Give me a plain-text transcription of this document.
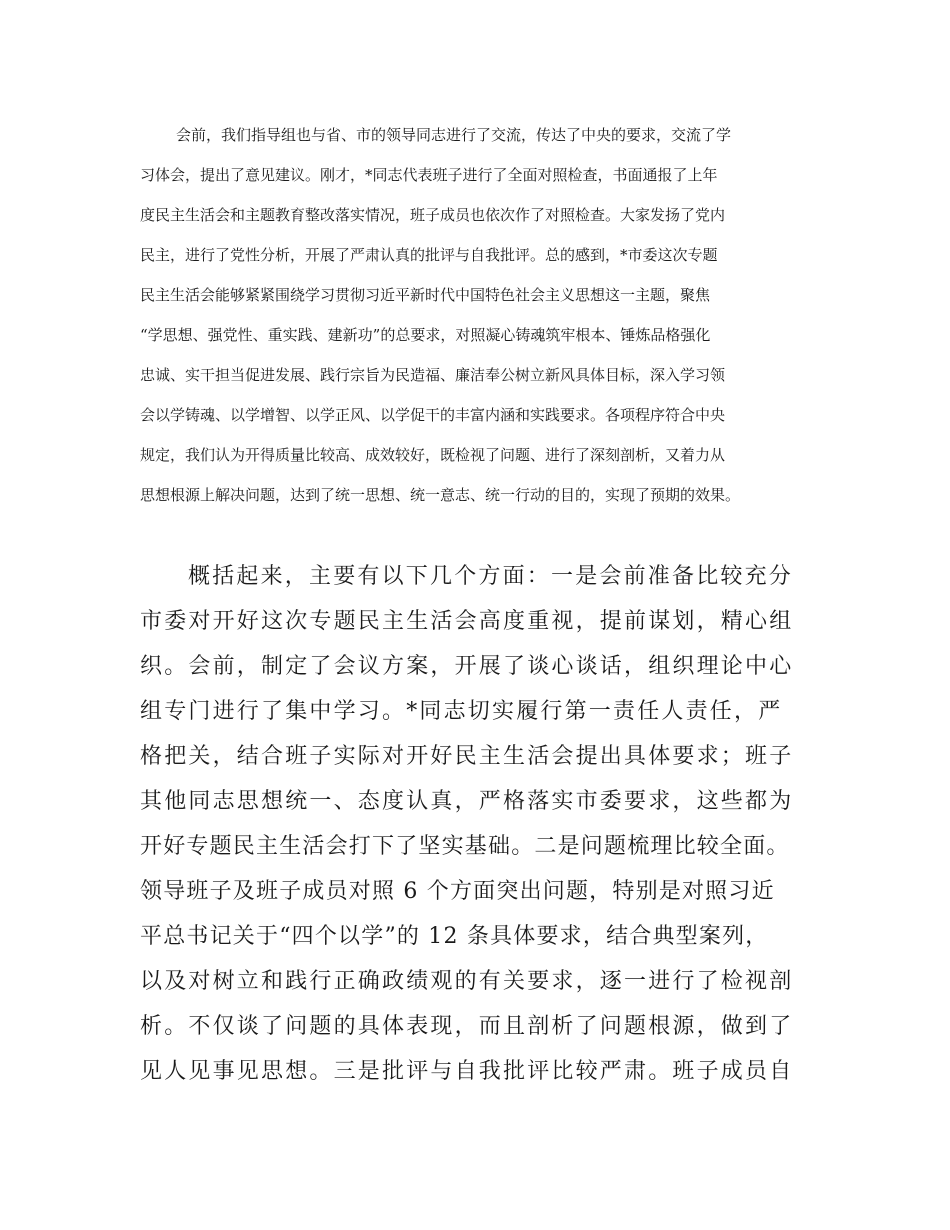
会前，我们指导组也与省、市的领导同志进行了交流，传达了中央的要求，交流了学
习体会，提出了意见建议。刚才，*同志代表班子进行了全面对照检查，书面通报了上年
度民主生活会和主题教育整改落实情况，班子成员也依次作了对照检查。大家发扬了党内
民主，进行了党性分析，开展了严肃认真的批评与自我批评。总的感到，*市委这次专题
民主生活会能够紧紧围绕学习贯彻习近平新时代中国特色社会主义思想这一主题，聚焦
“学思想、强党性、重实践、建新功”的总要求，对照凝心铸魂筑牢根本、锤炼品格强化
忠诚、实干担当促进发展、践行宗旨为民造福、廉洁奉公树立新风具体目标，深入学习领
会以学铸魂、以学增智、以学正风、以学促干的丰富内涵和实践要求。各项程序符合中央
规定，我们认为开得质量比较高、成效较好，既检视了问题、进行了深刻剖析，又着力从
思想根源上解决问题，达到了统一思想、统一意志、统一行动的目的，实现了预期的效果。
概括起来，主要有以下几个方面：一是会前准备比较充分
市委对开好这次专题民主生活会高度重视，提前谋划，精心组
织。会前，制定了会议方案，开展了谈心谈话，组织理论中心
组专门进行了集中学习。*同志切实履行第一责任人责任，严
格把关，结合班子实际对开好民主生活会提出具体要求；班子
其他同志思想统一、态度认真，严格落实市委要求，这些都为
开好专题民主生活会打下了坚实基础。二是问题梳理比较全面。
领导班子及班子成员对照 6 个方面突出问题，特别是对照习近
平总书记关于“四个以学”的 12 条具体要求，结合典型案列，
以及对树立和践行正确政绩观的有关要求，逐一进行了检视剖
析。不仅谈了问题的具体表现，而且剖析了问题根源，做到了
见人见事见思想。三是批评与自我批评比较严肃。班子成员自
